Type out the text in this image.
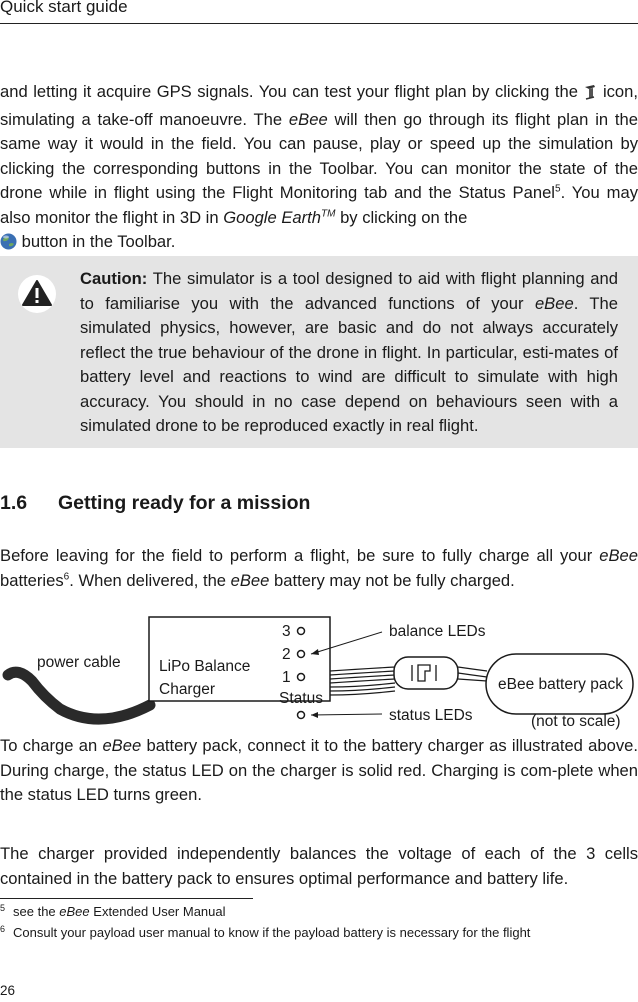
Quick start guide
and letting it acquire GPS signals. You can test your flight plan by clicking the  icon, simulating a take-off manoeuvre. The eBee will then go through its flight plan in the same way it would in the field. You can pause, play or speed up the simulation by clicking the corresponding buttons in the Toolbar. You can monitor the state of the drone while in flight using the Flight Monitoring tab and the Status Panel$^5$. You may also monitor the flight in 3D in Google Earth™ by clicking on the
button in the Toolbar.
Caution: The simulator is a tool designed to aid with flight planning and to familiarise you with the advanced functions of your eBee. The simulated physics, however, are basic and do not always accurately reflect the true behaviour of the drone in flight. In particular, esti-mates of battery level and reactions to wind are difficult to simulate with high accuracy. You should in no case depend on behaviours seen with a simulated drone to be reproduced exactly in real flight.
1.6 Getting ready for a mission
Before leaving for the field to perform a flight, be sure to fully charge all your eBee batteries$^6$. When delivered, the eBee battery may not be fully charged.
power cable LiPo Balance
Charger
3
2
1
Status
balance LEDs
status LEDs
eBee battery pack
(not to scale)
To charge an eBee battery pack, connect it to the battery charger as illustrated above. During charge, the status LED on the charger is solid red. Charging is com-plete when the status LED turns green.
The charger provided independently balances the voltage of each of the 3 cells contained in the battery pack to ensures optimal performance and battery life.
$^5$ see the eBee Extended User Manual
$^6$ Consult your payload user manual to know if the payload battery is necessary for the flight
26
